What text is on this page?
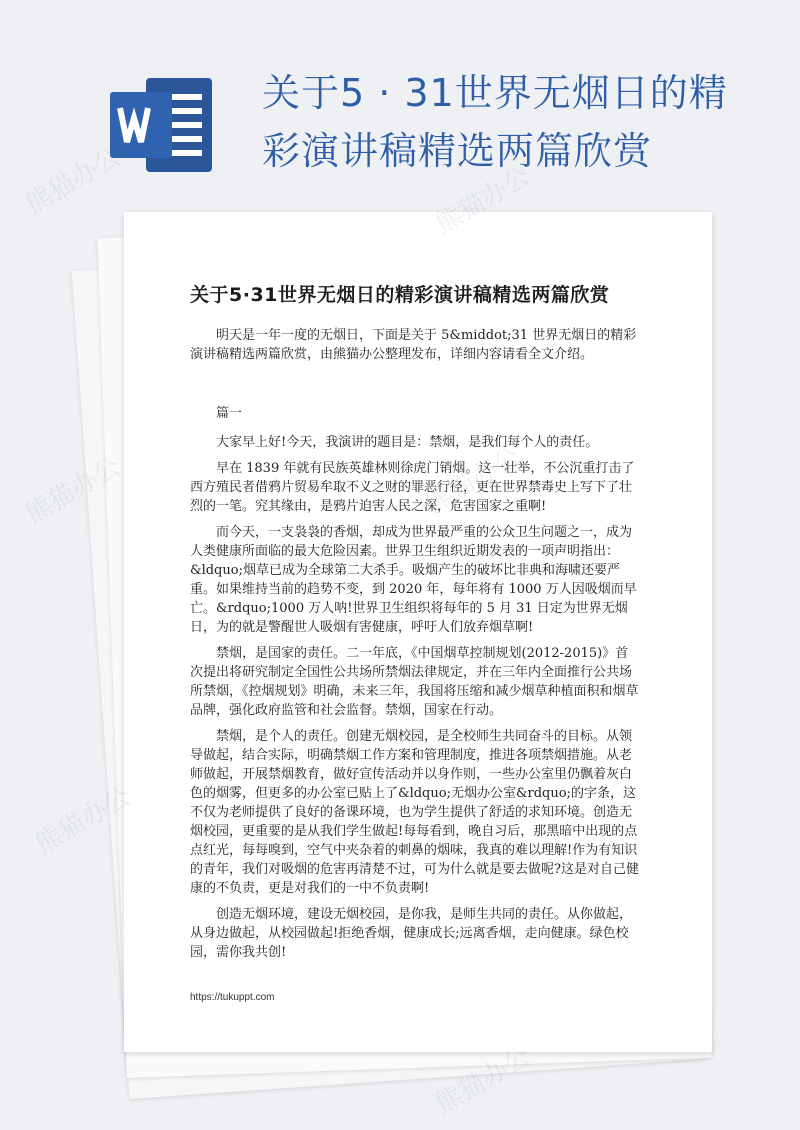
关于5 · 31世界无烟日的精彩演讲稿精选两篇欣赏
关于5·31世界无烟日的精彩演讲稿精选两篇欣赏

明天是一年一度的无烟日，下面是关于 5&middot;31 世界无烟日的精彩演讲稿精选两篇欣赏，由熊猫办公整理发布，详细内容请看全文介绍。

篇一

大家早上好!今天，我演讲的题目是：禁烟，是我们每个人的责任。

早在 1839 年就有民族英雄林则徐虎门销烟。这一壮举，不公沉重打击了西方殖民者借鸦片贸易牟取不义之财的罪恶行径，更在世界禁毒史上写下了壮烈的一笔。究其缘由，是鸦片迫害人民之深，危害国家之重啊!

而今天，一支袅袅的香烟，却成为世界最严重的公众卫生问题之一，成为人类健康所面临的最大危险因素。世界卫生组织近期发表的一项声明指出：&ldquo;烟草已成为全球第二大杀手。吸烟产生的破坏比非典和海啸还要严重。如果维持当前的趋势不变，到 2020 年，每年将有 1000 万人因吸烟而早亡。&rdquo;1000 万人呐!世界卫生组织将每年的 5 月 31 日定为世界无烟日，为的就是警醒世人吸烟有害健康，呼吁人们放弃烟草啊!

禁烟，是国家的责任。二一年底，《中国烟草控制规划(2012-2015)》首次提出将研究制定全国性公共场所禁烟法律规定，并在三年内全面推行公共场所禁烟，《控烟规划》明确，未来三年，我国将压缩和减少烟草种植面积和烟草品牌，强化政府监管和社会监督。禁烟，国家在行动。

禁烟，是个人的责任。创建无烟校园，是全校师生共同奋斗的目标。从领导做起，结合实际，明确禁烟工作方案和管理制度，推进各项禁烟措施。从老师做起，开展禁烟教育，做好宣传活动并以身作则，一些办公室里仍飘着灰白色的烟雾，但更多的办公室已贴上了&ldquo;无烟办公室&rdquo;的字条，这不仅为老师提供了良好的备课环境，也为学生提供了舒适的求知环境。创造无烟校园，更重要的是从我们学生做起!每每看到，晚自习后，那黑暗中出现的点点红光，每每嗅到，空气中夹杂着的刺鼻的烟味，我真的难以理解!作为有知识的青年，我们对吸烟的危害再清楚不过，可为什么就是要去做呢?这是对自己健康的不负责，更是对我们的一中不负责啊!

创造无烟环境，建设无烟校园，是你我，是师生共同的责任。从你做起，从身边做起，从校园做起!拒绝香烟，健康成长;远离香烟，走向健康。绿色校园，需你我共创!

https://tukuppt.com
熊猫办公	熊猫办公
熊猫办公
熊猫办公
熊猫办公
